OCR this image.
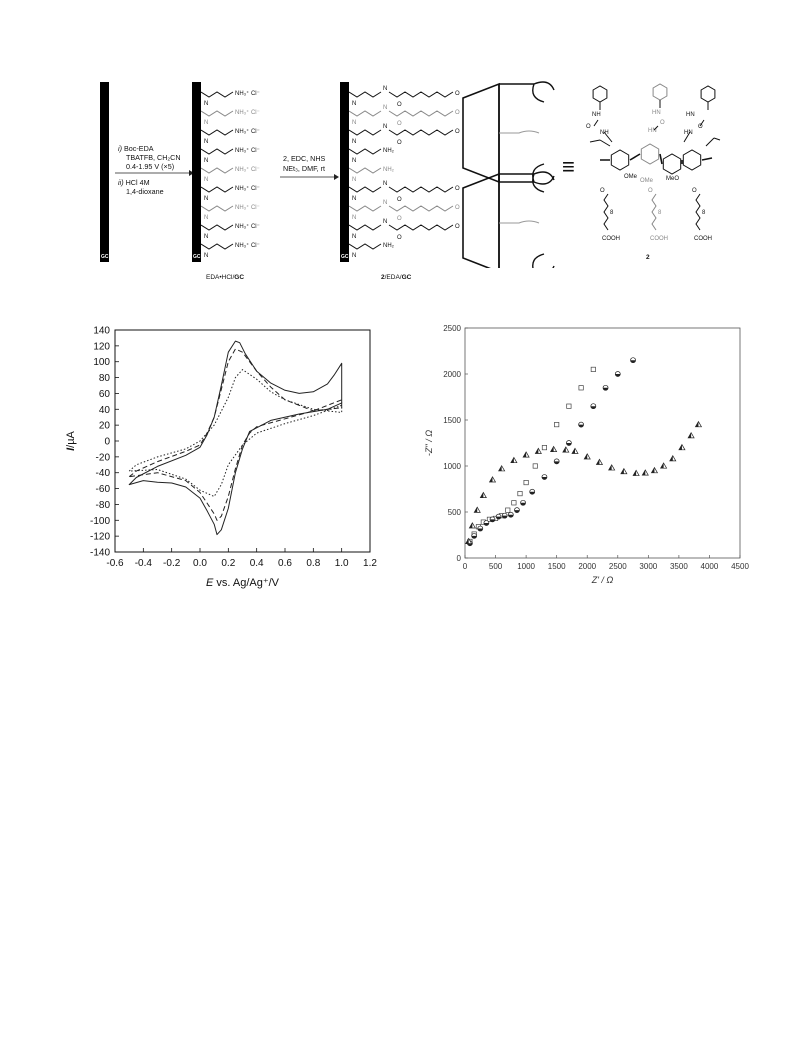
GC
i) Boc-EDA
TBATFB, CH₂CN
0.4-1.95 V (×5)
ii) HCl 4M
1,4-dioxane
GC
N
NH₃⁺ Cl⁻
N
NH₃⁺ Cl⁻
N
NH₃⁺ Cl⁻
N
NH₃⁺ Cl⁻
N
NH₃⁺ Cl⁻
N
NH₃⁺ Cl⁻
N
NH₃⁺ Cl⁻
N
NH₃⁺ Cl⁻
N
NH₃⁺ Cl⁻
EDA•HCl/GC
2, EDC, NHS
NEt₃, DMF, rt
GC
N
N
O
O
N
N
O
O
N
N
O
O
N
NH₂
N
NH₂
N
N
O
O
N
N
O
O
N
N
O
O
N
NH₂
2/EDA/GC
≡
NH
O
NH
HN
O
HN
HN
O
HN
OMe
OMe MeO
O
8
COOH
O
8
COOH
O
8
COOH
2
-140
-120
-100
-80
-60
-40
-20
0
20
40
60
80
100
120
140
-0.6 -0.4 -0.2 0.0 0.2 0.4 0.6 0.8 1.0 1.2
E vs. Ag/Ag⁺/V
I/µA
0
500
1000
1500
2000
2500
0	500 1000 1500 2000 2500 3000 3500 4000 4500
Z' / Ω
-Z'' / Ω
